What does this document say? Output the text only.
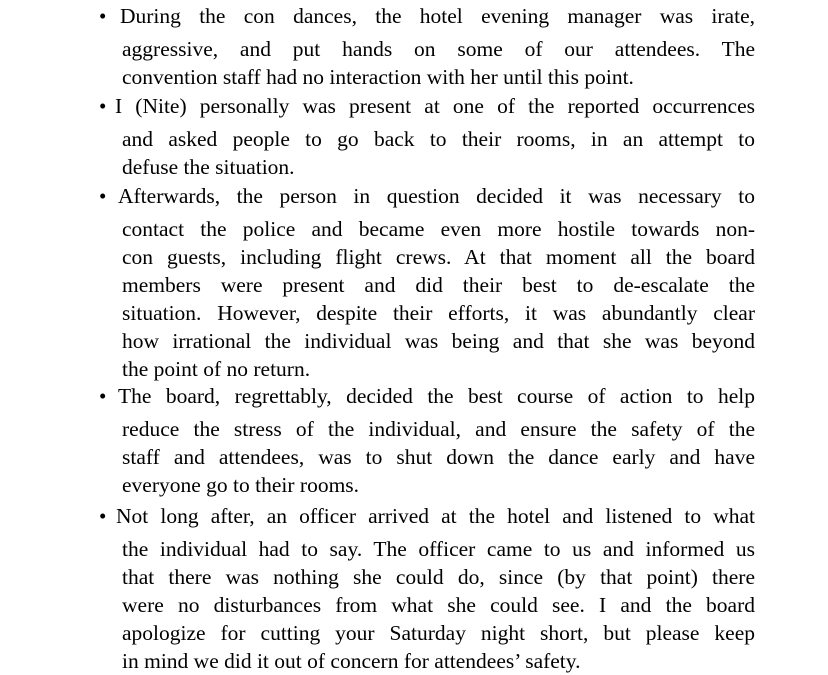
• During the con dances, the hotel evening manager was irate,
aggressive, and put hands on some of our attendees. The
convention staff had no interaction with her until this point.
• I (Nite) personally was present at one of the reported occurrences
and asked people to go back to their rooms, in an attempt to
defuse the situation.
• Afterwards, the person in question decided it was necessary to
contact the police and became even more hostile towards non-
con guests, including flight crews. At that moment all the board
members were present and did their best to de-escalate the
situation. However, despite their efforts, it was abundantly clear
how irrational the individual was being and that she was beyond
the point of no return.
• The board, regrettably, decided the best course of action to help
reduce the stress of the individual, and ensure the safety of the
staff and attendees, was to shut down the dance early and have
everyone go to their rooms.
• Not long after, an officer arrived at the hotel and listened to what
the individual had to say. The officer came to us and informed us
that there was nothing she could do, since (by that point) there
were no disturbances from what she could see. I and the board
apologize for cutting your Saturday night short, but please keep
in mind we did it out of concern for attendees’ safety.
